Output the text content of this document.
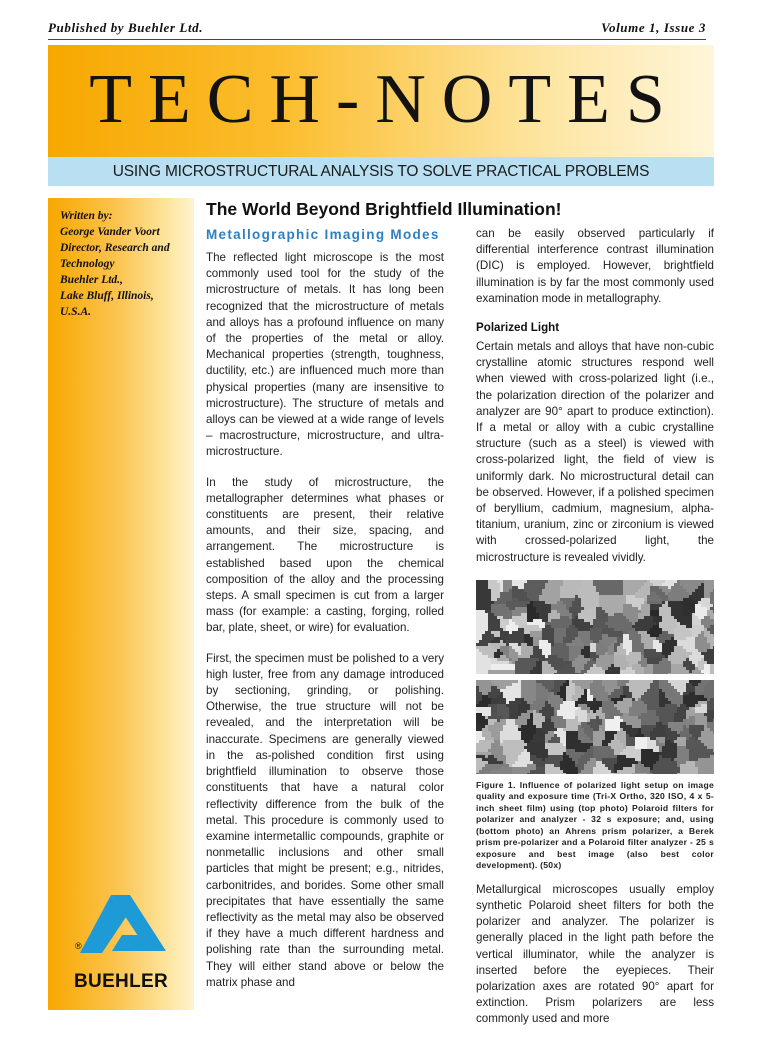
Published by Buehler Ltd.	Volume 1, Issue 3
TECH-NOTES
USING MICROSTRUCTURAL ANALYSIS TO SOLVE PRACTICAL PROBLEMS
Written by:
George Vander Voort
Director, Research and
Technology
Buehler Ltd.,
Lake Bluff, Illinois,
U.S.A.
®
BUEHLER
The World Beyond Brightfield Illumination!
Metallographic Imaging Modes

The reflected light microscope is the most commonly used tool for the study of the microstructure of metals. It has long been recognized that the microstructure of metals and alloys has a profound influence on many of the properties of the metal or alloy. Mechanical properties (strength, toughness, ductility, etc.) are influenced much more than physical properties (many are insensitive to microstructure). The structure of metals and alloys can be viewed at a wide range of levels – macrostructure, microstructure, and ultra-microstructure.

In the study of microstructure, the metallographer determines what phases or constituents are present, their relative amounts, and their size, spacing, and arrangement. The microstructure is established based upon the chemical composition of the alloy and the processing steps. A small specimen is cut from a larger mass (for example: a casting, forging, rolled bar, plate, sheet, or wire) for evaluation.

First, the specimen must be polished to a very high luster, free from any damage introduced by sectioning, grinding, or polishing. Otherwise, the true structure will not be revealed, and the interpretation will be inaccurate. Specimens are generally viewed in the as-polished condition first using brightfield illumination to observe those constituents that have a natural color reflectivity difference from the bulk of the metal. This procedure is commonly used to examine intermetallic compounds, graphite or nonmetallic inclusions and other small particles that might be present; e.g., nitrides, carbonitrides, and borides. Some other small precipitates that have essentially the same reflectivity as the metal may also be observed if they have a much different hardness and polishing rate than the surrounding metal. They will either stand above or below the matrix phase and

can be easily observed particularly if differential interference contrast illumination (DIC) is employed. However, brightfield illumination is by far the most commonly used examination mode in metallography.

Polarized Light

Certain metals and alloys that have non-cubic crystalline atomic structures respond well when viewed with cross-polarized light (i.e., the polarization direction of the polarizer and analyzer are 90° apart to produce extinction). If a metal or alloy with a cubic crystalline structure (such as a steel) is viewed with cross-polarized light, the field of view is uniformly dark. No microstructural detail can be observed. However, if a polished specimen of beryllium, cadmium, magnesium, alpha-titanium, uranium, zinc or zirconium is viewed with crossed-polarized light, the microstructure is revealed vividly.

Figure 1. Influence of polarized light setup on image quality and exposure time (Tri-X Ortho, 320 ISO, 4 x 5-inch sheet film) using (top photo) Polaroid filters for polarizer and analyzer - 32 s exposure; and, using (bottom photo) an Ahrens prism polarizer, a Berek prism pre-polarizer and a Polaroid filter analyzer - 25 s exposure and best image (also best color development). (50x)

Metallurgical microscopes usually employ synthetic Polaroid sheet filters for both the polarizer and analyzer. The polarizer is generally placed in the light path before the vertical illuminator, while the analyzer is inserted before the eyepieces. Their polarization axes are rotated 90° apart for extinction. Prism polarizers are less commonly used and more
